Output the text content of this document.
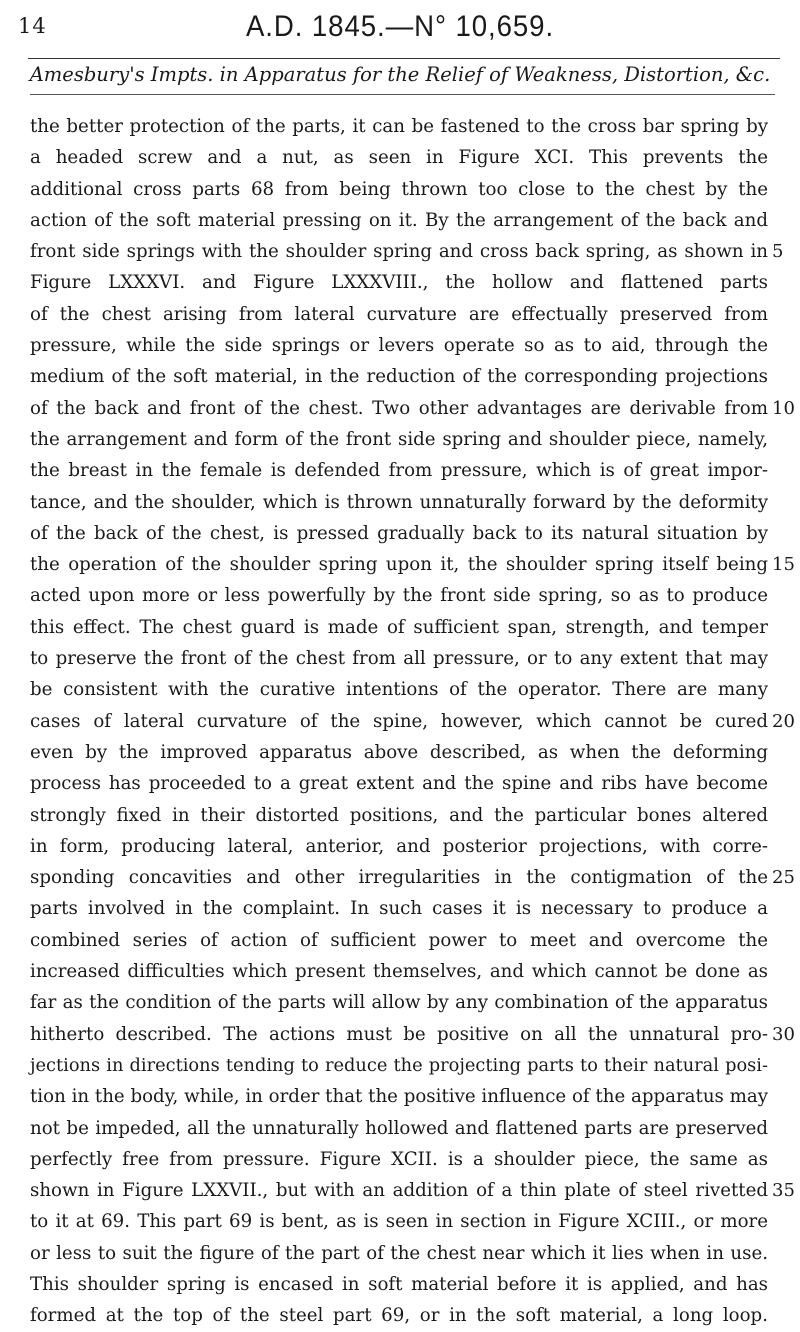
14	A.D. 1845.—N° 10,659.
Amesbury's Impts. in Apparatus for the Relief of Weakness, Distortion, &c.
the better protection of the parts, it can be fastened to the cross bar spring by
a headed screw and a nut, as seen in Figure XCI. This prevents the
additional cross parts 68 from being thrown too close to the chest by the
action of the soft material pressing on it. By the arrangement of the back and
front side springs with the shoulder spring and cross back spring, as shown in
Figure LXXXVI. and Figure LXXXVIII., the hollow and flattened parts
of the chest arising from lateral curvature are effectually preserved from
pressure, while the side springs or levers operate so as to aid, through the
medium of the soft material, in the reduction of the corresponding projections
of the back and front of the chest. Two other advantages are derivable from
the arrangement and form of the front side spring and shoulder piece, namely,
the breast in the female is defended from pressure, which is of great impor-
tance, and the shoulder, which is thrown unnaturally forward by the deformity
of the back of the chest, is pressed gradually back to its natural situation by
the operation of the shoulder spring upon it, the shoulder spring itself being
acted upon more or less powerfully by the front side spring, so as to produce
this effect. The chest guard is made of sufficient span, strength, and temper
to preserve the front of the chest from all pressure, or to any extent that may
be consistent with the curative intentions of the operator. There are many
cases of lateral curvature of the spine, however, which cannot be cured
even by the improved apparatus above described, as when the deforming
process has proceeded to a great extent and the spine and ribs have become
strongly fixed in their distorted positions, and the particular bones altered
in form, producing lateral, anterior, and posterior projections, with corre-
sponding concavities and other irregularities in the contigmation of the
parts involved in the complaint. In such cases it is necessary to produce a
combined series of action of sufficient power to meet and overcome the
increased difficulties which present themselves, and which cannot be done as
far as the condition of the parts will allow by any combination of the apparatus
hitherto described. The actions must be positive on all the unnatural pro-
jections in directions tending to reduce the projecting parts to their natural posi-
tion in the body, while, in order that the positive influence of the apparatus may
not be impeded, all the unnaturally hollowed and flattened parts are preserved
perfectly free from pressure. Figure XCII. is a shoulder piece, the same as
shown in Figure LXXVII., but with an addition of a thin plate of steel rivetted
to it at 69. This part 69 is bent, as is seen in section in Figure XCIII., or more
or less to suit the figure of the part of the chest near which it lies when in use.
This shoulder spring is encased in soft material before it is applied, and has
formed at the top of the steel part 69, or in the soft material, a long loop.
5
10
15
20
25
30
35
